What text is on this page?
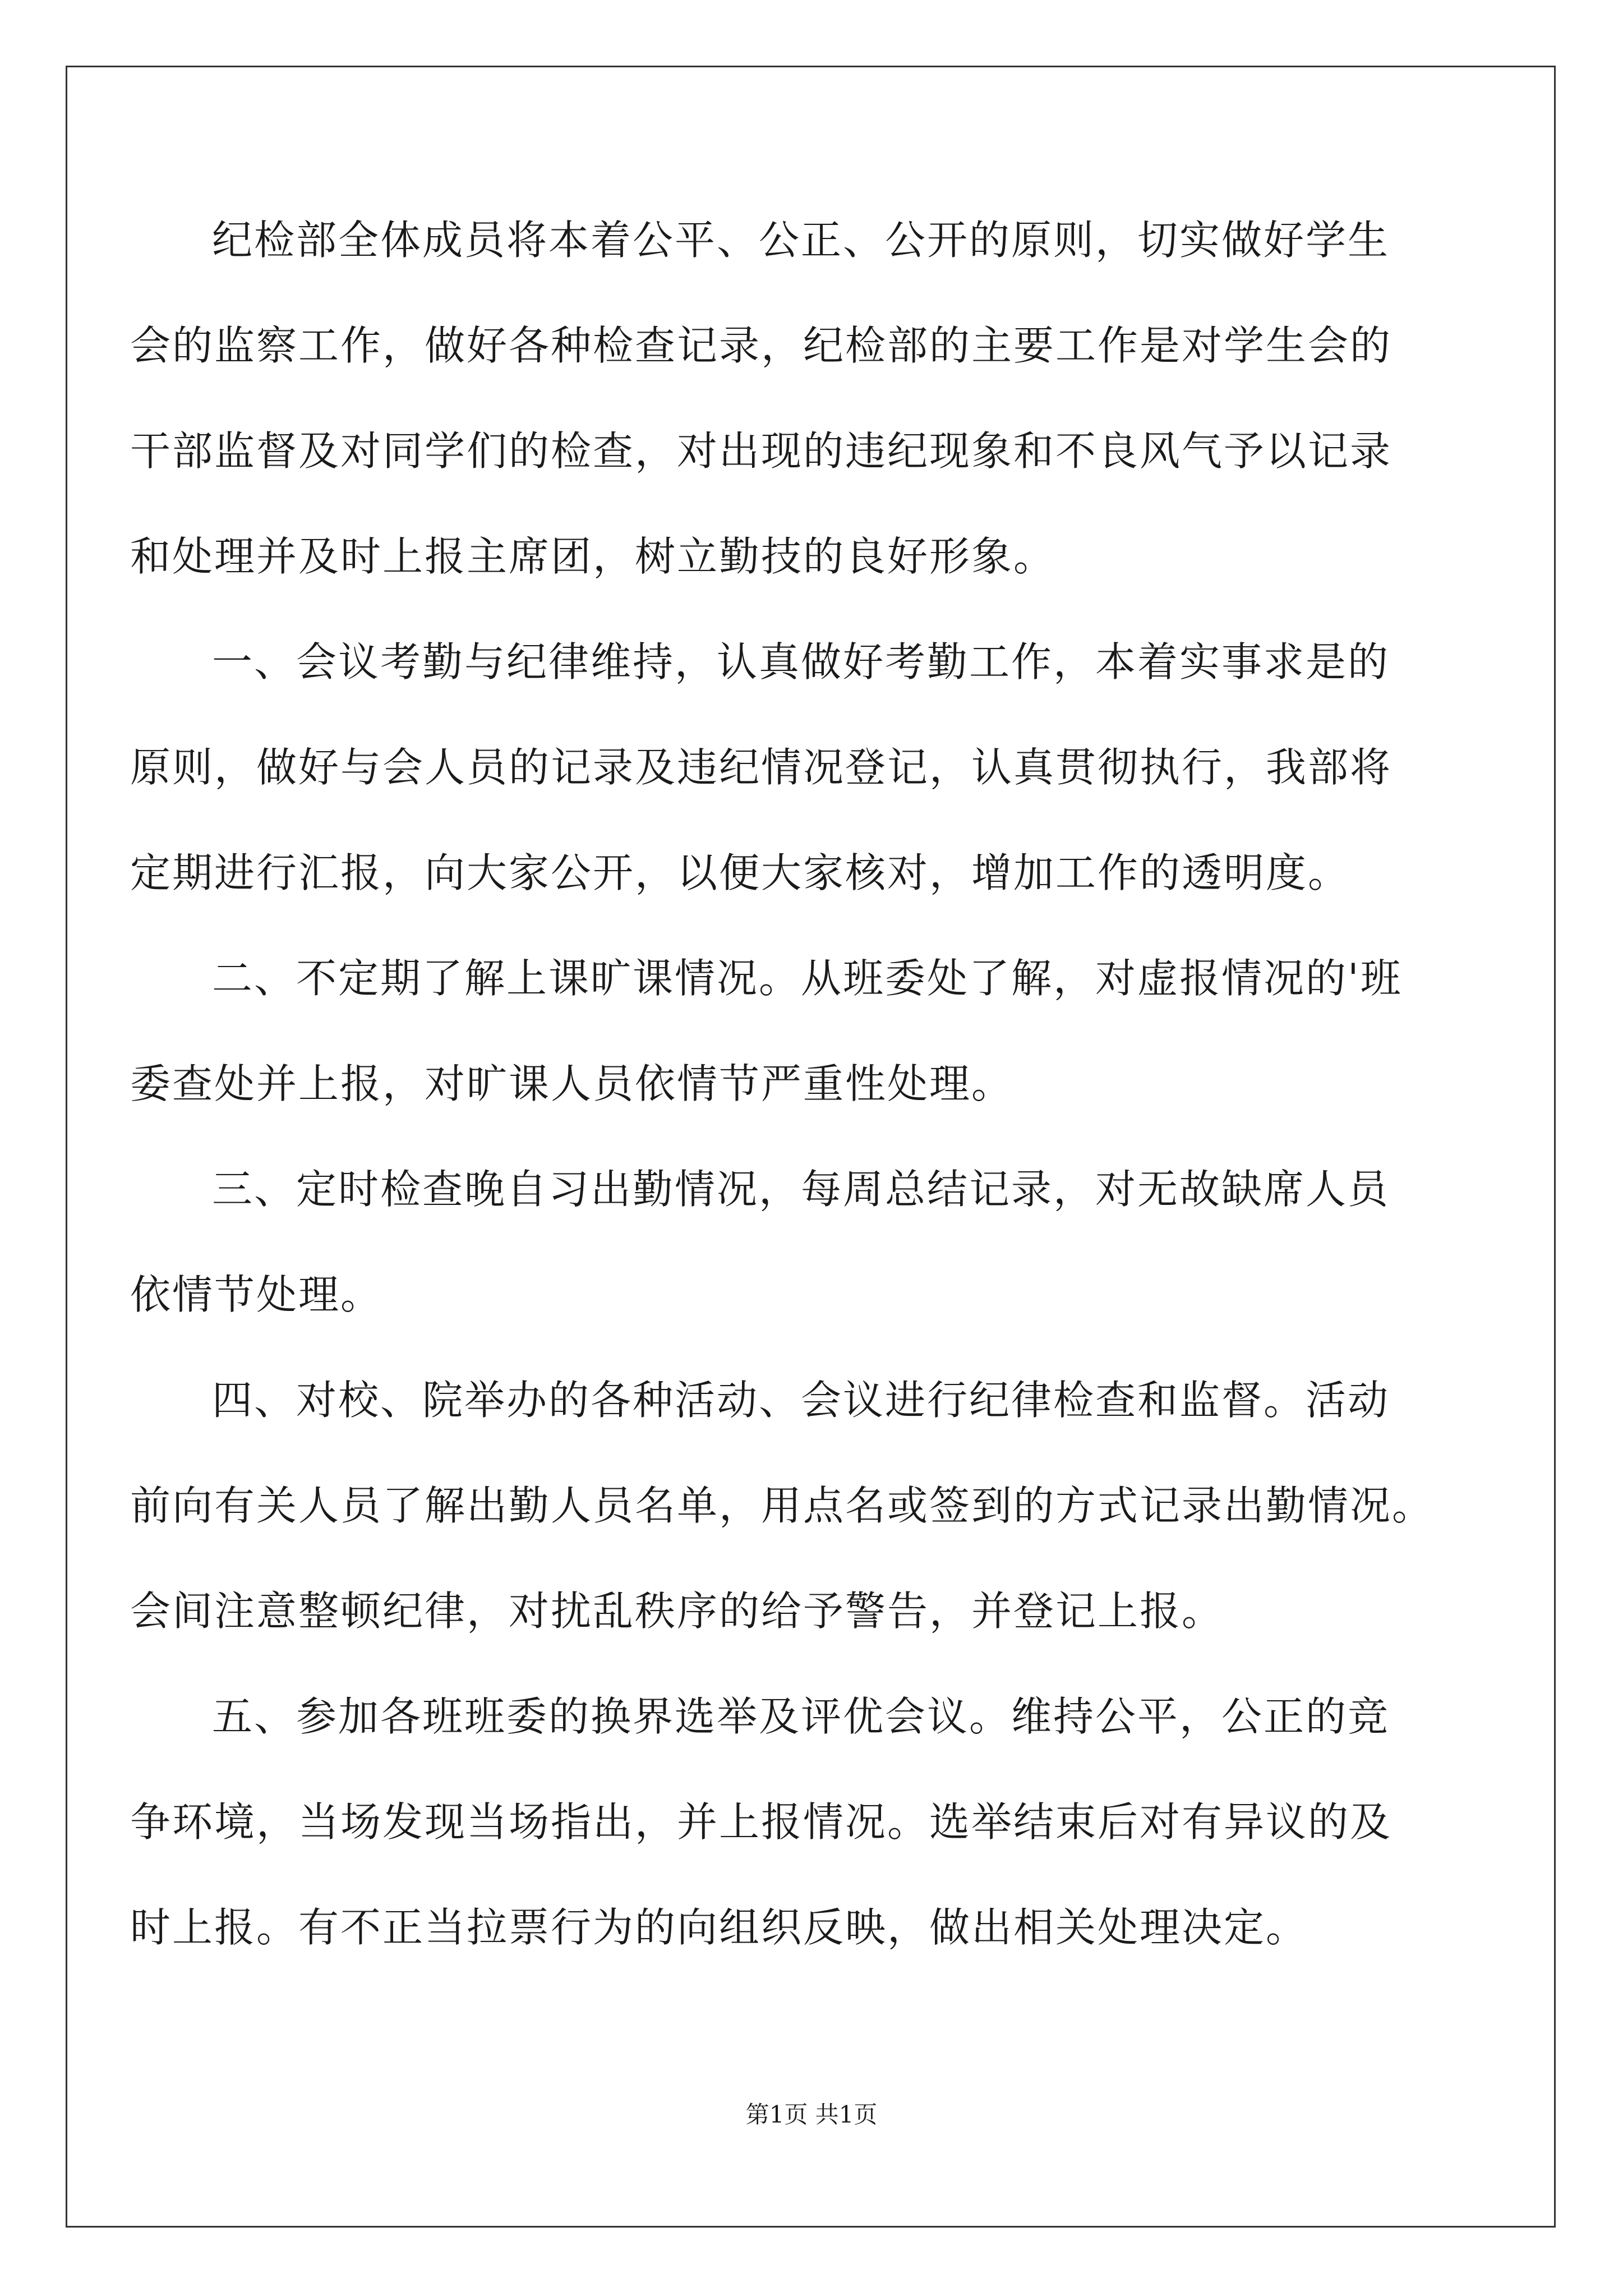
纪检部全体成员将本着公平、公正、公开的原则，切实做好学生
会的监察工作，做好各种检查记录，纪检部的主要工作是对学生会的
干部监督及对同学们的检查，对出现的违纪现象和不良风气予以记录
和处理并及时上报主席团，树立勤技的良好形象。
一、会议考勤与纪律维持，认真做好考勤工作，本着实事求是的
原则，做好与会人员的记录及违纪情况登记，认真贯彻执行，我部将
定期进行汇报，向大家公开，以便大家核对，增加工作的透明度。
二、不定期了解上课旷课情况。从班委处了解，对虚报情况的'班
委查处并上报，对旷课人员依情节严重性处理。
三、定时检查晚自习出勤情况，每周总结记录，对无故缺席人员
依情节处理。
四、对校、院举办的各种活动、会议进行纪律检查和监督。活动
前向有关人员了解出勤人员名单，用点名或签到的方式记录出勤情况。
会间注意整顿纪律，对扰乱秩序的给予警告，并登记上报。
五、参加各班班委的换界选举及评优会议。维持公平，公正的竞
争环境，当场发现当场指出，并上报情况。选举结束后对有异议的及
时上报。有不正当拉票行为的向组织反映，做出相关处理决定。
第1页 共1页
